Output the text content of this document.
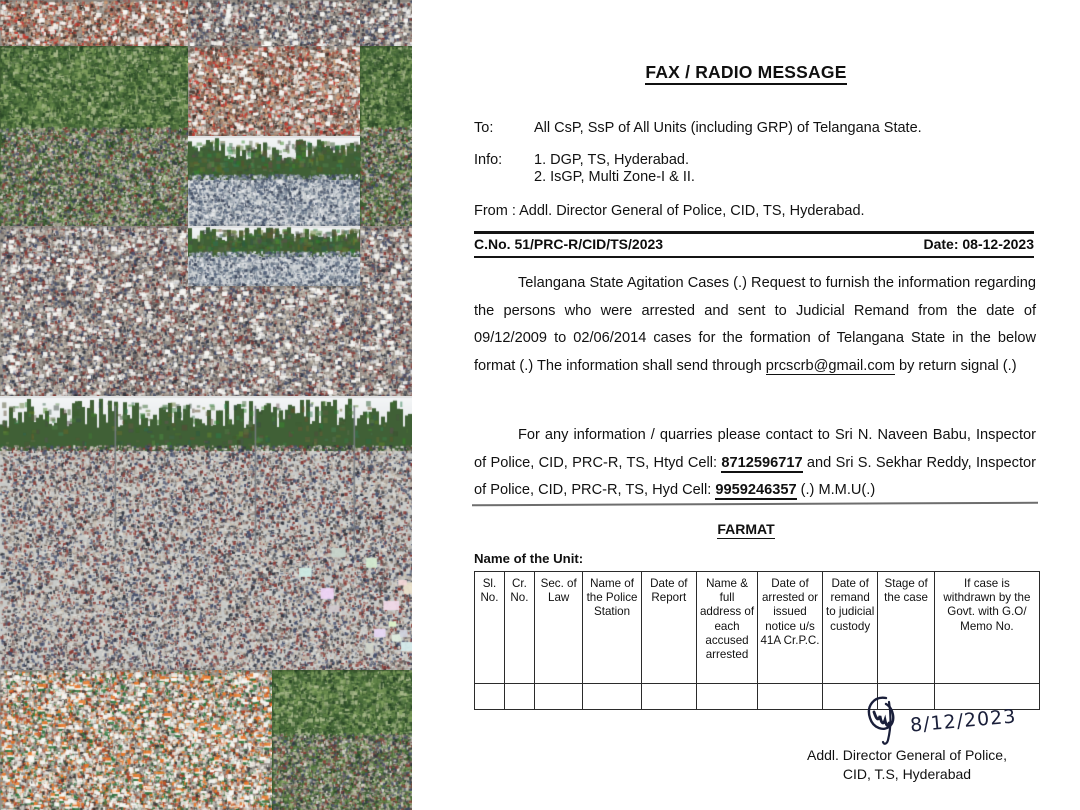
FAX / RADIO MESSAGE
To:	All CsP, SsP of All Units (including GRP) of Telangana State.
Info:	1. DGP, TS, Hyderabad.
2. IsGP, Multi Zone-I & II.
From : Addl. Director General of Police, CID, TS, Hyderabad.
C.No. 51/PRC-R/CID/TS/2023	Date: 08-12-2023
Telangana State Agitation Cases (.) Request to furnish the information regarding the persons who were arrested and sent to Judicial Remand from the date of 09/12/2009 to 02/06/2014 cases for the formation of Telangana State in the below format (.) The information shall send through prcscrb@gmail.com by return signal (.)
For any information / quarries please contact to Sri N. Naveen Babu, Inspector of Police, CID, PRC-R, TS, Htyd Cell: 8712596717 and Sri S. Sekhar Reddy, Inspector of Police, CID, PRC-R, TS, Hyd Cell: 9959246357 (.) M.M.U(.)
FARMAT
Name of the Unit:
Sl. No.	Cr. No.	Sec. of Law	Name of the Police Station	Date of Report	Name & full address of each accused arrested	Date of arrested or issued notice u/s 41A Cr.P.C.	Date of remand to judicial custody	Stage of the case	If case is withdrawn by the Govt. with G.O/ Memo No.

8/12/2023
Addl. Director General of Police,
CID, T.S, Hyderabad
